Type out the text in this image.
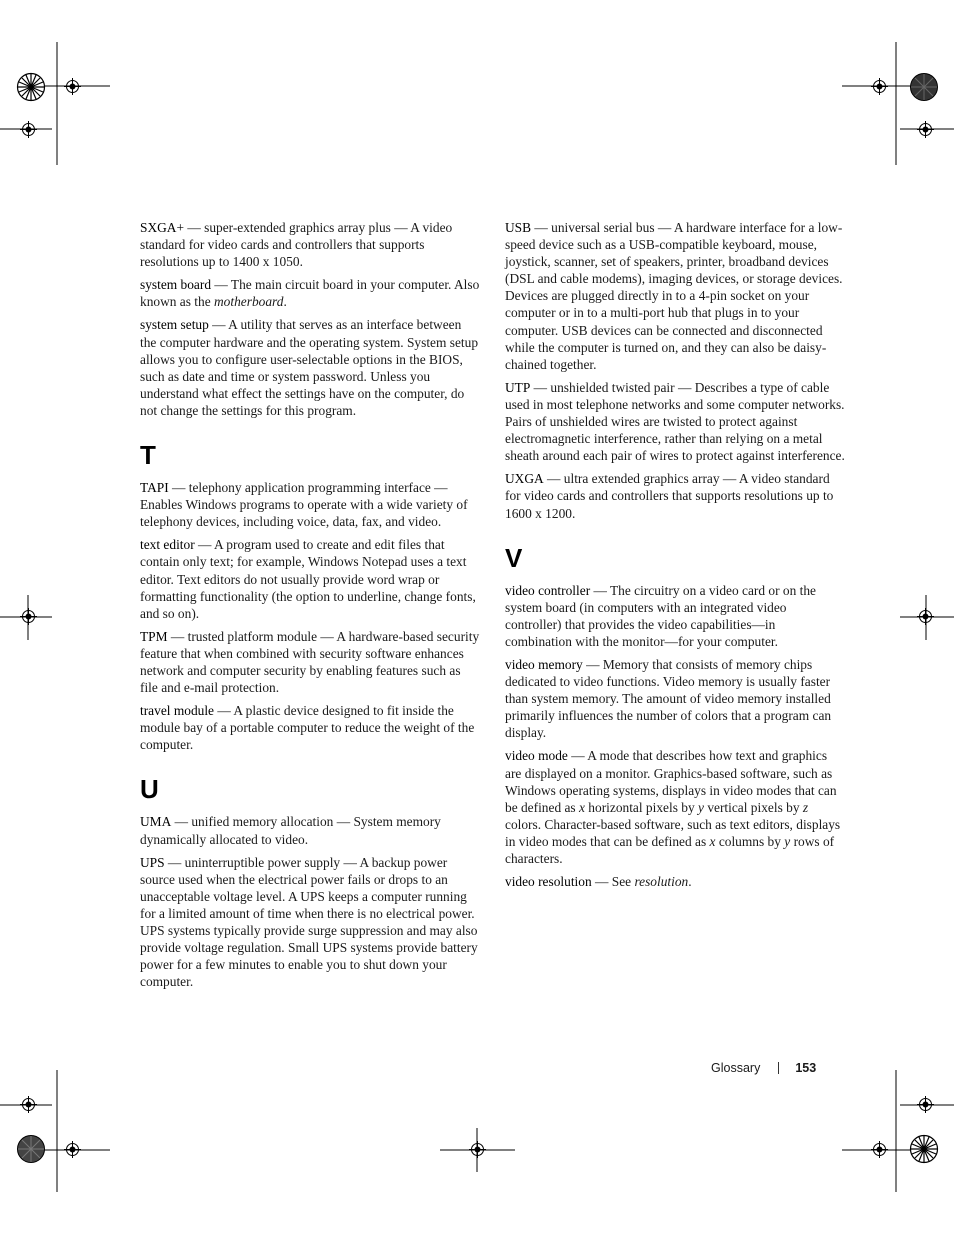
SXGA+ — super-extended graphics array plus — A video standard for video cards and controllers that supports resolutions up to 1400 x 1050.

system board — The main circuit board in your computer. Also known as the motherboard.

system setup — A utility that serves as an interface between the computer hardware and the operating system. System setup allows you to configure user-selectable options in the BIOS, such as date and time or system password. Unless you understand what effect the settings have on the computer, do not change the settings for this program.

T

TAPI — telephony application programming interface — Enables Windows programs to operate with a wide variety of telephony devices, including voice, data, fax, and video.

text editor — A program used to create and edit files that contain only text; for example, Windows Notepad uses a text editor. Text editors do not usually provide word wrap or formatting functionality (the option to underline, change fonts, and so on).

TPM — trusted platform module — A hardware-based security feature that when combined with security software enhances network and computer security by enabling features such as file and e-mail protection.

travel module — A plastic device designed to fit inside the module bay of a portable computer to reduce the weight of the computer.

U

UMA — unified memory allocation — System memory dynamically allocated to video.

UPS — uninterruptible power supply — A backup power source used when the electrical power fails or drops to an unacceptable voltage level. A UPS keeps a computer running for a limited amount of time when there is no electrical power. UPS systems typically provide surge suppression and may also provide voltage regulation. Small UPS systems provide battery power for a few minutes to enable you to shut down your computer.

USB — universal serial bus — A hardware interface for a low-speed device such as a USB-compatible keyboard, mouse, joystick, scanner, set of speakers, printer, broadband devices (DSL and cable modems), imaging devices, or storage devices. Devices are plugged directly in to a 4-pin socket on your computer or in to a multi-port hub that plugs in to your computer. USB devices can be connected and disconnected while the computer is turned on, and they can also be daisy-chained together.

UTP — unshielded twisted pair — Describes a type of cable used in most telephone networks and some computer networks. Pairs of unshielded wires are twisted to protect against electromagnetic interference, rather than relying on a metal sheath around each pair of wires to protect against interference.

UXGA — ultra extended graphics array — A video standard for video cards and controllers that supports resolutions up to 1600 x 1200.

V

video controller — The circuitry on a video card or on the system board (in computers with an integrated video controller) that provides the video capabilities—in combination with the monitor—for your computer.

video memory — Memory that consists of memory chips dedicated to video functions. Video memory is usually faster than system memory. The amount of video memory installed primarily influences the number of colors that a program can display.

video mode — A mode that describes how text and graphics are displayed on a monitor. Graphics-based software, such as Windows operating systems, displays in video modes that can be defined as x horizontal pixels by y vertical pixels by z colors. Character-based software, such as text editors, displays in video modes that can be defined as x columns by y rows of characters.

video resolution — See resolution.

Glossary	153
